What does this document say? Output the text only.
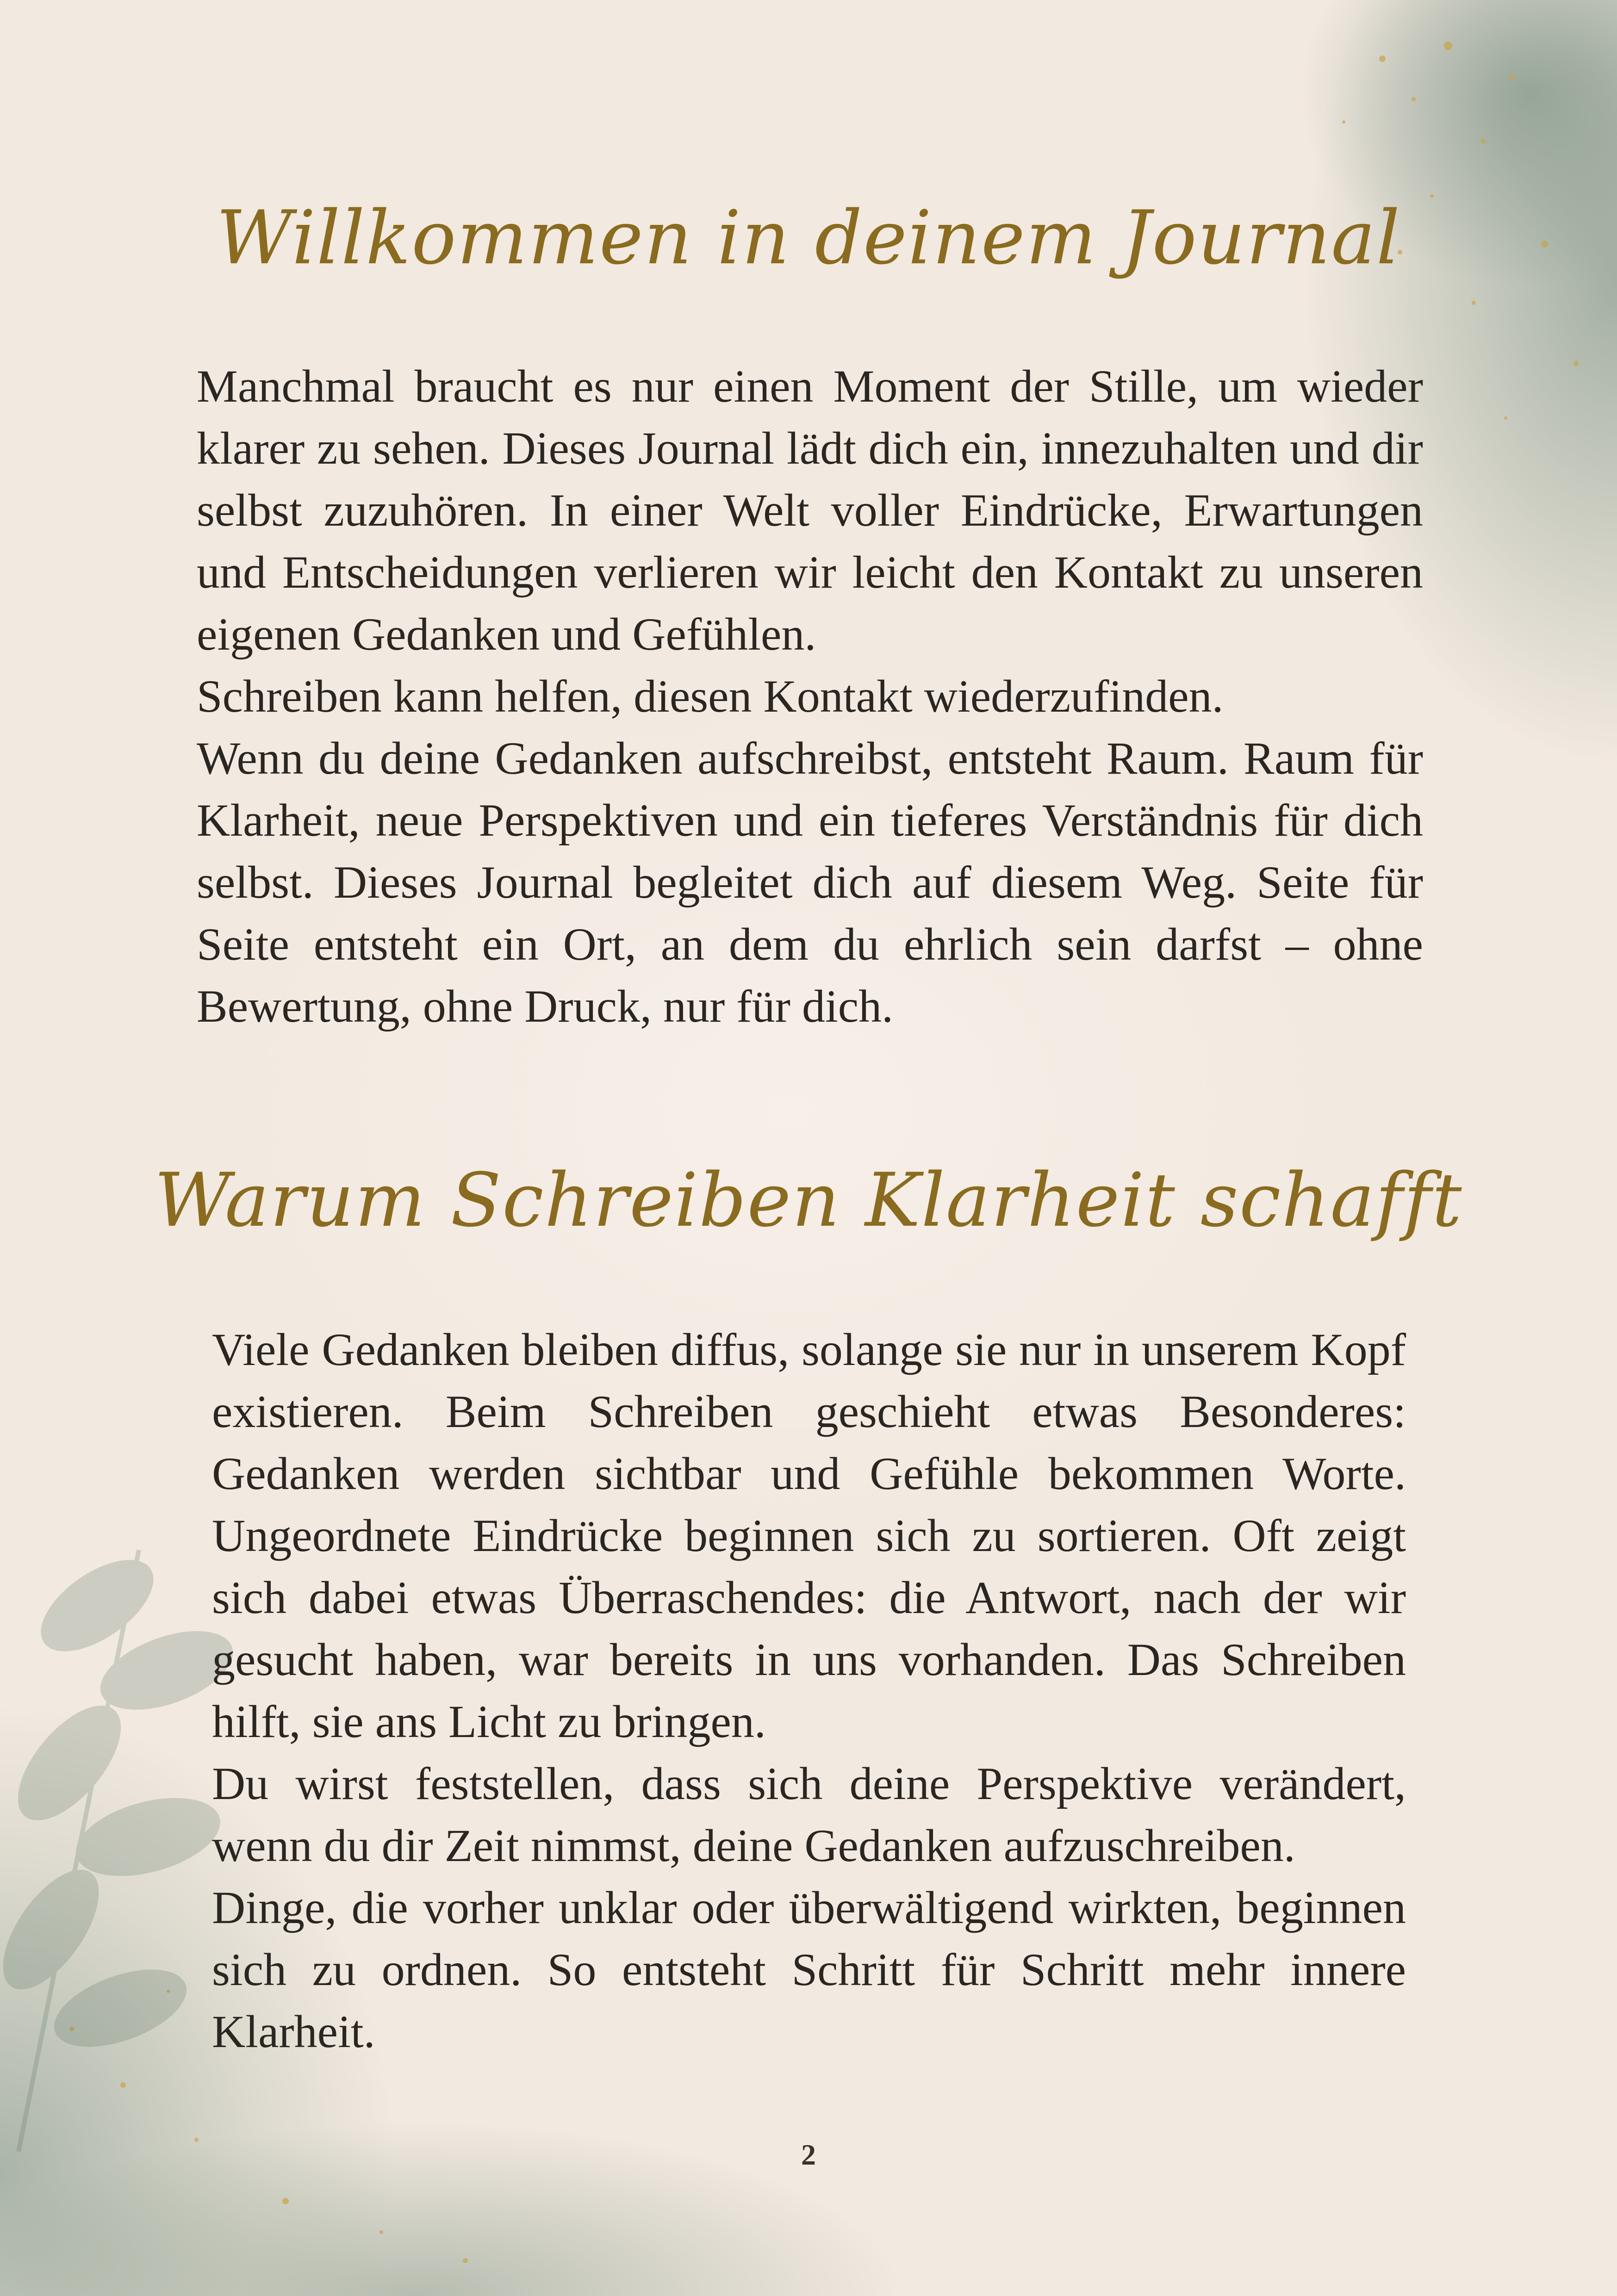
Willkommen in deinem Journal

Manchmal braucht es nur einen Moment der Stille, um wieder klarer zu sehen. Dieses Journal lädt dich ein, innezuhalten und dir selbst zuzuhören. In einer Welt voller Eindrücke, Erwartungen und Entscheidungen verlieren wir leicht den Kontakt zu unseren eigenen Gedanken und Gefühlen.

Schreiben kann helfen, diesen Kontakt wiederzufinden.

Wenn du deine Gedanken aufschreibst, entsteht Raum. Raum für Klarheit, neue Perspektiven und ein tieferes Verständnis für dich selbst. Dieses Journal begleitet dich auf diesem Weg. Seite für Seite entsteht ein Ort, an dem du ehrlich sein darfst – ohne Bewertung, ohne Druck, nur für dich.

Warum Schreiben Klarheit schafft

Viele Gedanken bleiben diffus, solange sie nur in unserem Kopf existieren. Beim Schreiben geschieht etwas Besonderes: Gedanken werden sichtbar und Gefühle bekommen Worte. Ungeordnete Eindrücke beginnen sich zu sortieren. Oft zeigt sich dabei etwas Überraschendes: die Antwort, nach der wir gesucht haben, war bereits in uns vorhanden. Das Schreiben hilft, sie ans Licht zu bringen.

Du wirst feststellen, dass sich deine Perspektive verändert, wenn du dir Zeit nimmst, deine Gedanken aufzuschreiben.

Dinge, die vorher unklar oder überwältigend wirkten, beginnen sich zu ordnen. So entsteht Schritt für Schritt mehr innere Klarheit.

2
